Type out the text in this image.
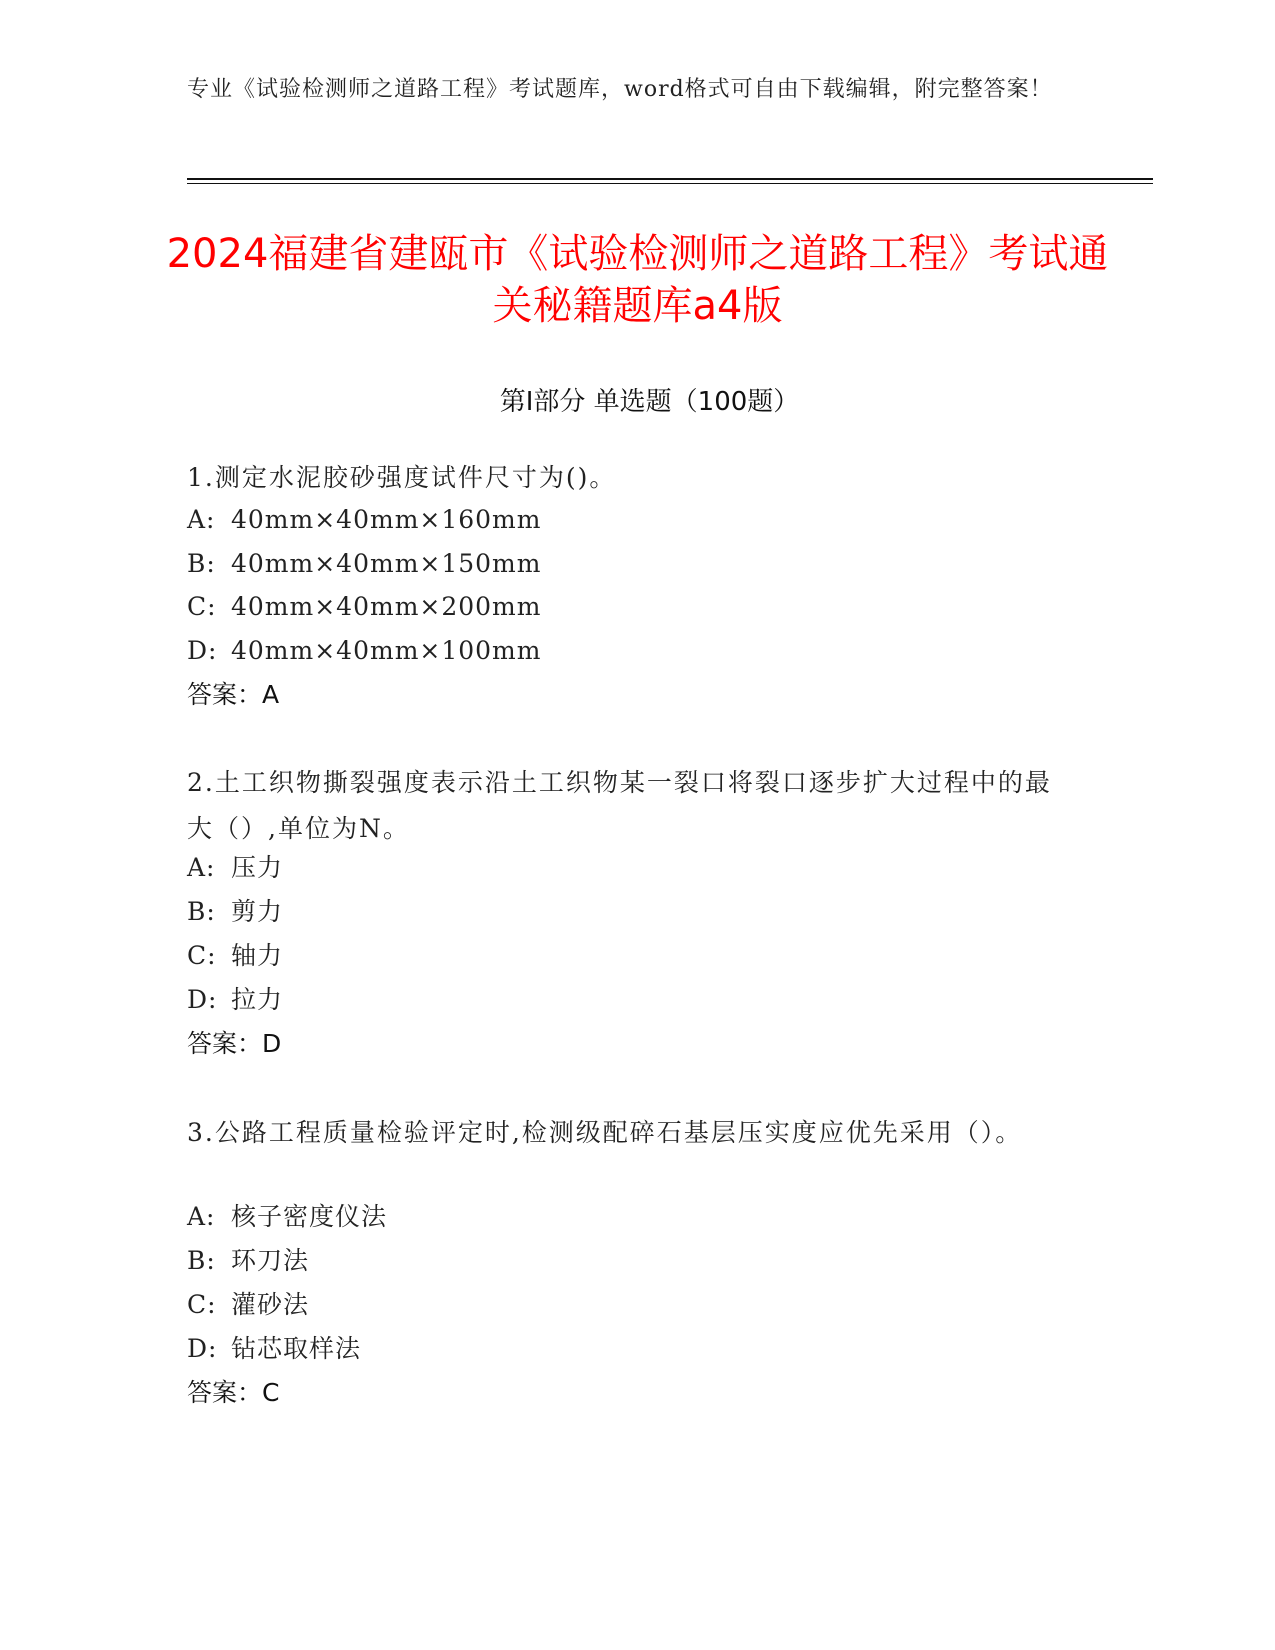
专业《试验检测师之道路工程》考试题库，word格式可自由下载编辑，附完整答案！
2024福建省建瓯市《试验检测师之道路工程》考试通关秘籍题库a4版
第I部分 单选题（100题）
1.测定水泥胶砂强度试件尺寸为()。
A: 40mm×40mm×160mm
B: 40mm×40mm×150mm
C: 40mm×40mm×200mm
D: 40mm×40mm×100mm
答案：A
2.土工织物撕裂强度表示沿土工织物某一裂口将裂口逐步扩大过程中的最大（）,单位为N。
A: 压力
B: 剪力
C: 轴力
D: 拉力
答案：D
3.公路工程质量检验评定时,检测级配碎石基层压实度应优先采用（）。
A: 核子密度仪法
B: 环刀法
C: 灌砂法
D: 钻芯取样法
答案：C
